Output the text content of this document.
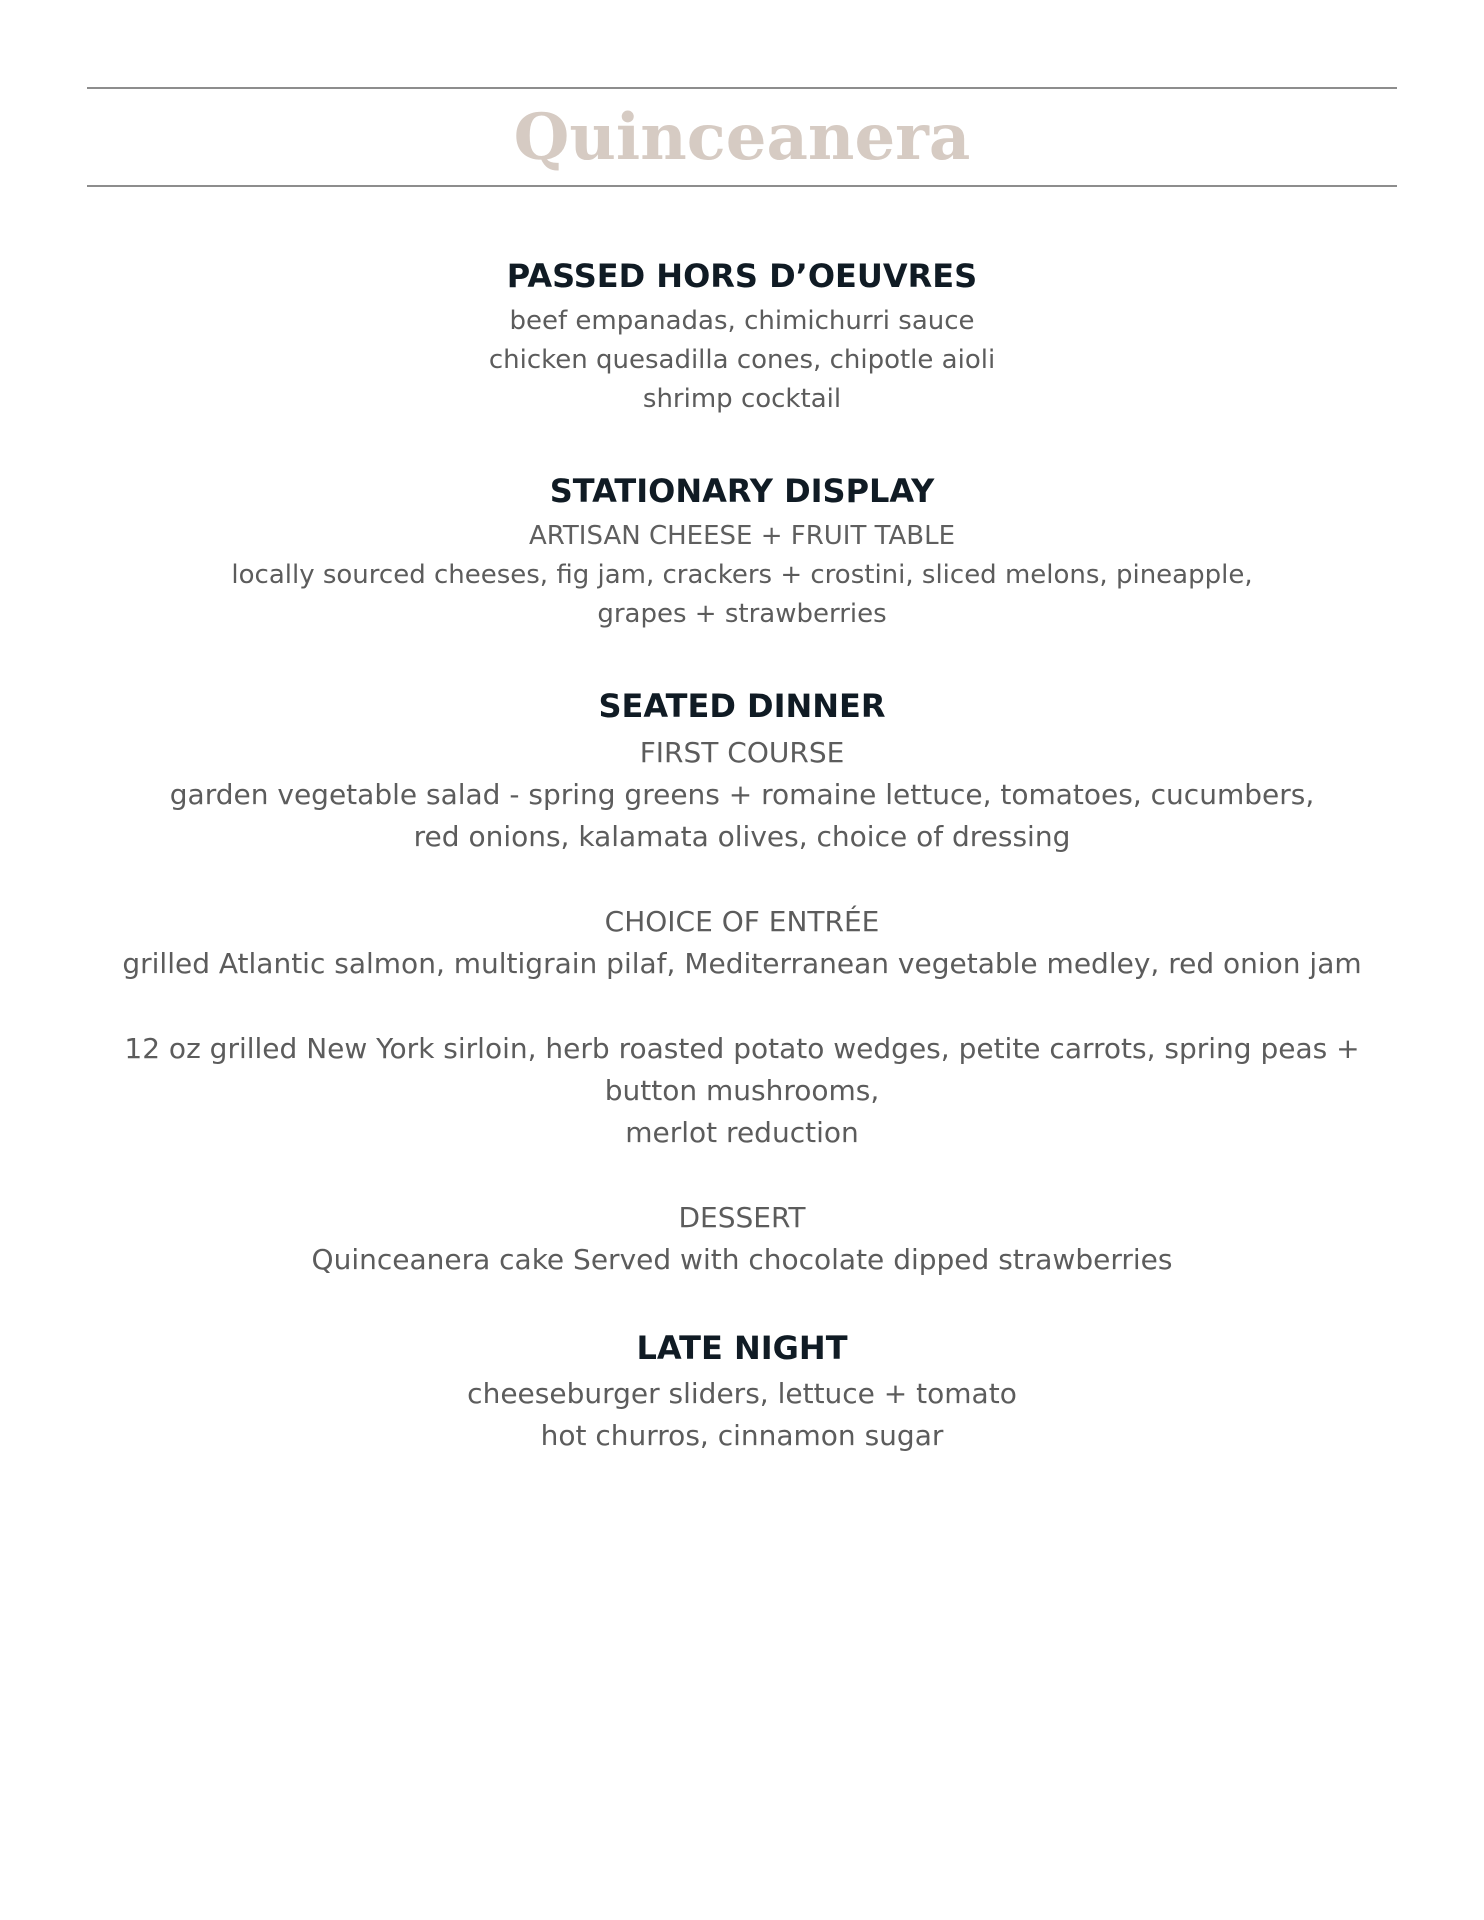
Quinceanera

PASSED HORS D’OEUVRES

beef empanadas, chimichurri sauce

chicken quesadilla cones, chipotle aioli

shrimp cocktail

STATIONARY DISPLAY

ARTISAN CHEESE + FRUIT TABLE

locally sourced cheeses, fig jam, crackers + crostini, sliced melons, pineapple,

grapes + strawberries

SEATED DINNER

FIRST COURSE

garden vegetable salad - spring greens + romaine lettuce, tomatoes, cucumbers,

red onions, kalamata olives, choice of dressing

CHOICE OF ENTRÉE

grilled Atlantic salmon, multigrain pilaf, Mediterranean vegetable medley, red onion jam

12 oz grilled New York sirloin, herb roasted potato wedges, petite carrots, spring peas +

button mushrooms,

merlot reduction

DESSERT

Quinceanera cake Served with chocolate dipped strawberries

LATE NIGHT

cheeseburger sliders, lettuce + tomato

hot churros, cinnamon sugar
